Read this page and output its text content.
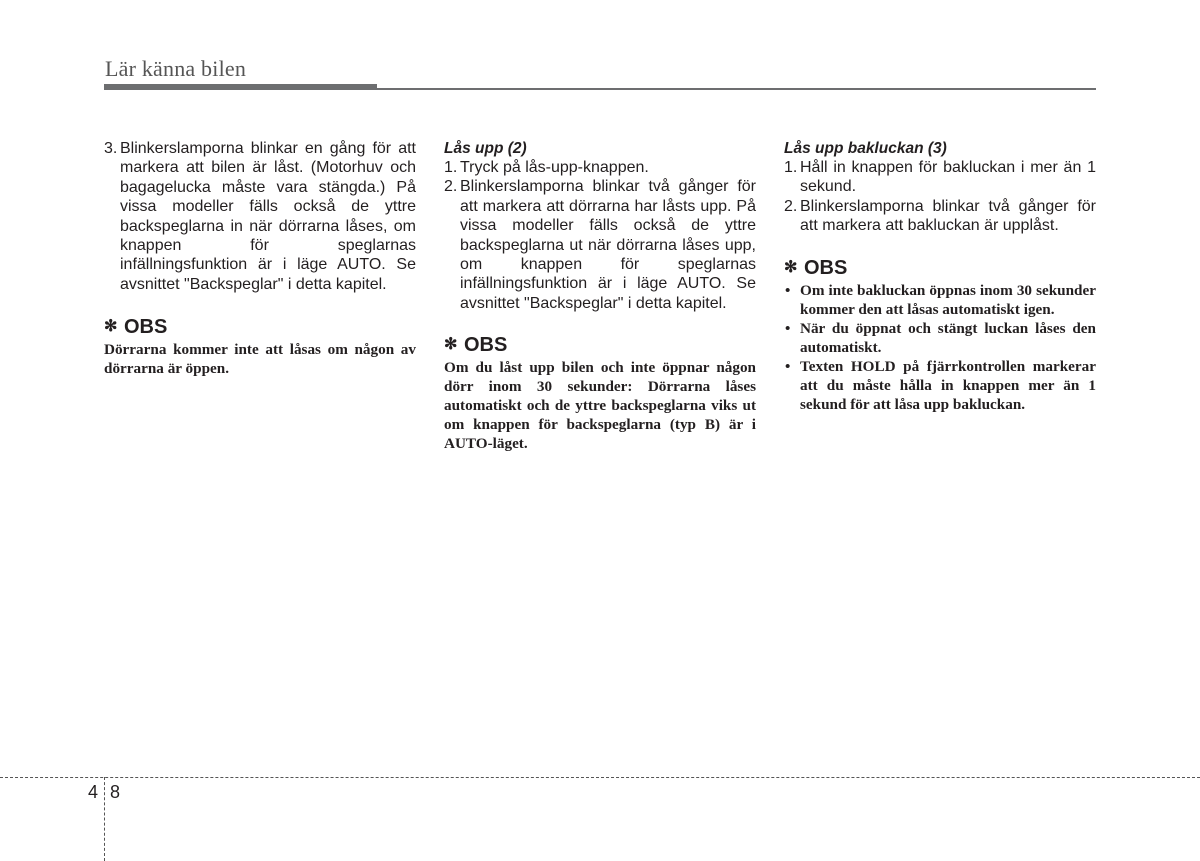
Lär känna bilen
3. Blinkerslamporna blinkar en gång för att markera att bilen är låst. (Motorhuv och bagagelucka måste vara stängda.) På vissa modeller fälls också de yttre backspeglarna in när dörrarna låses, om knappen för speglarnas infällningsfunktion är i läge AUTO. Se avsnittet "Backspeglar" i detta kapitel.
✻ OBS

Dörrarna kommer inte att låsas om någon av dörrarna är öppen.

Lås upp (2)

1. Tryck på lås-upp-knappen.
2. Blinkerslamporna blinkar två gånger för att markera att dörrarna har låsts upp. På vissa modeller fälls också de yttre backspeglarna ut när dörrarna låses upp, om knappen för speglarnas infällningsfunktion är i läge AUTO. Se avsnittet "Backspeglar" i detta kapitel.
✻ OBS

Om du låst upp bilen och inte öppnar någon dörr inom 30 sekunder: Dörrarna låses automatiskt och de yttre backspeglarna viks ut om knappen för backspeglarna (typ B) är i AUTO-läget.

Lås upp bakluckan (3)

1. Håll in knappen för bakluckan i mer än 1 sekund.
2. Blinkerslamporna blinkar två gånger för att markera att bakluckan är upplåst.
✻ OBS
• Om inte bakluckan öppnas inom 30 sekunder kommer den att låsas automatiskt igen.
• När du öppnat och stängt luckan låses den automatiskt.
• Texten HOLD på fjärrkontrollen markerar att du måste hålla in knappen mer än 1 sekund för att låsa upp bakluckan.
4 8
